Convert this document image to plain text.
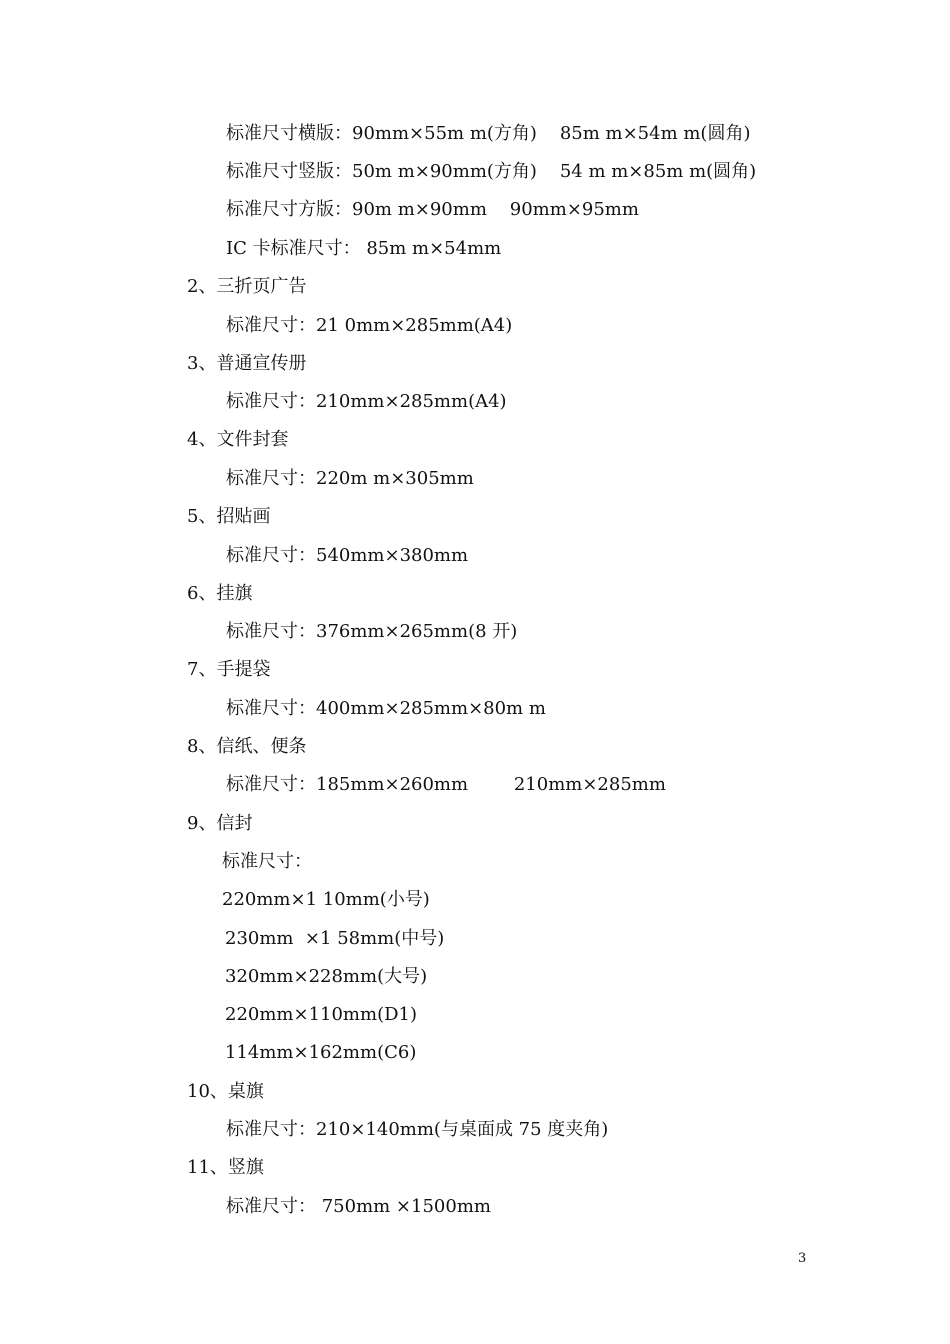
标准尺寸横版：90mm×55m m(方角)    85m m×54m m(圆角)
标准尺寸竖版：50m m×90mm(方角)    54 m m×85m m(圆角)
标准尺寸方版：90m m×90mm    90mm×95mm
IC 卡标准尺寸： 85m m×54mm
2、三折页广告
标准尺寸：21 0mm×285mm(A4)
3、普通宣传册
标准尺寸：210mm×285mm(A4)
4、文件封套
标准尺寸：220m m×305mm
5、招贴画
标准尺寸：540mm×380mm
6、挂旗
标准尺寸：376mm×265mm(8 开)
7、手提袋
标准尺寸：400mm×285mm×80m m
8、信纸、便条
标准尺寸：185mm×260mm        210mm×285mm
9、信封
标准尺寸：
220mm×1 10mm(小号)
230mm  ×1 58mm(中号)
320mm×228mm(大号)
220mm×110mm(D1)
114mm×162mm(C6)
10、桌旗
标准尺寸：210×140mm(与桌面成 75 度夹角)
11、竖旗
标准尺寸： 750mm ×1500mm
3
